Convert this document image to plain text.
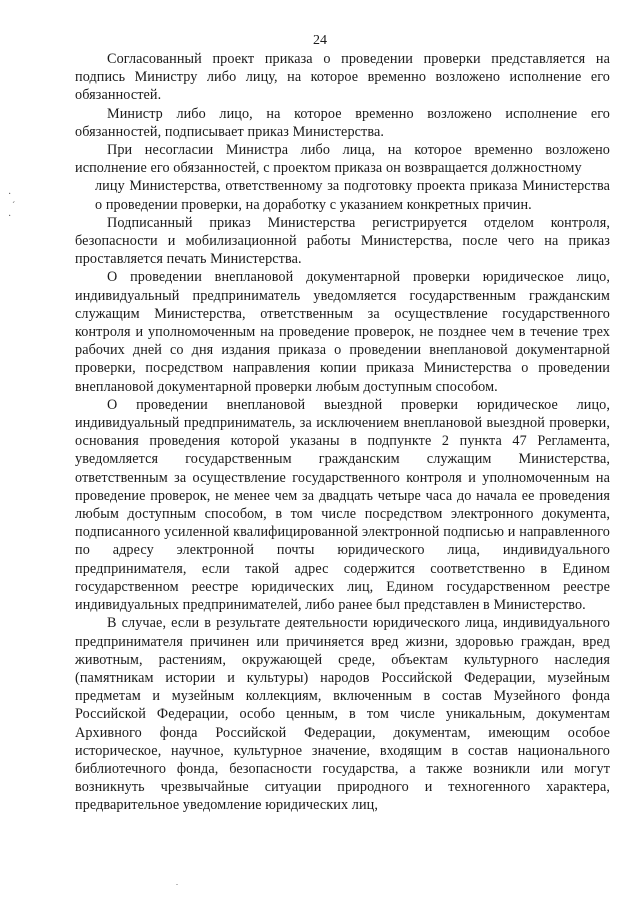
24
·
ˊ
·

Согласованный проект приказа о проведении проверки представляется на подпись Министру либо лицу, на которое временно возложено исполнение его обязанностей.

Министр либо лицо, на которое временно возложено исполнение его обязанностей, подписывает приказ Министерства.

При несогласии Министра либо лица, на которое временно возложено исполнение его обязанностей, с проектом приказа он возвращается должностному

лицу Министерства, ответственному за подготовку проекта приказа Министерства о проведении проверки, на доработку с указанием конкретных причин.

Подписанный приказ Министерства регистрируется отделом контроля, безопасности и мобилизационной работы Министерства, после чего на приказ проставляется печать Министерства.

О проведении внеплановой документарной проверки юридическое лицо, индивидуальный предприниматель уведомляется государственным гражданским служащим Министерства, ответственным за осуществление государственного контроля и уполномоченным на проведение проверок, не позднее чем в течение трех рабочих дней со дня издания приказа о проведении внеплановой документарной проверки, посредством направления копии приказа Министерства о проведении внеплановой документарной проверки любым доступным способом.

О проведении внеплановой выездной проверки юридическое лицо, индивидуальный предприниматель, за исключением внеплановой выездной проверки, основания проведения которой указаны в подпункте 2 пункта 47 Регламента, уведомляется государственным гражданским служащим Министерства, ответственным за осуществление государственного контроля и уполномоченным на проведение проверок, не менее чем за двадцать четыре часа до начала ее проведения любым доступным способом, в том числе посредством электронного документа, подписанного усиленной квалифицированной электронной подписью и направленного по адресу электронной почты юридического лица, индивидуального предпринимателя, если такой адрес содержится соответственно в Едином государственном реестре юридических лиц, Едином государственном реестре индивидуальных предпринимателей, либо ранее был представлен в Министерство.

В случае, если в результате деятельности юридического лица, индивидуального предпринимателя причинен или причиняется вред жизни, здоровью граждан, вред животным, растениям, окружающей среде, объектам культурного наследия (памятникам истории и культуры) народов Российской Федерации, музейным предметам и музейным коллекциям, включенным в состав Музейного фонда Российской Федерации, особо ценным, в том числе уникальным, документам Архивного фонда Российской Федерации, документам, имеющим особое историческое, научное, культурное значение, входящим в состав национального библиотечного фонда, безопасности государства, а также возникли или могут возникнуть чрезвычайные ситуации природного и техногенного характера, предварительное уведомление юридических лиц,
